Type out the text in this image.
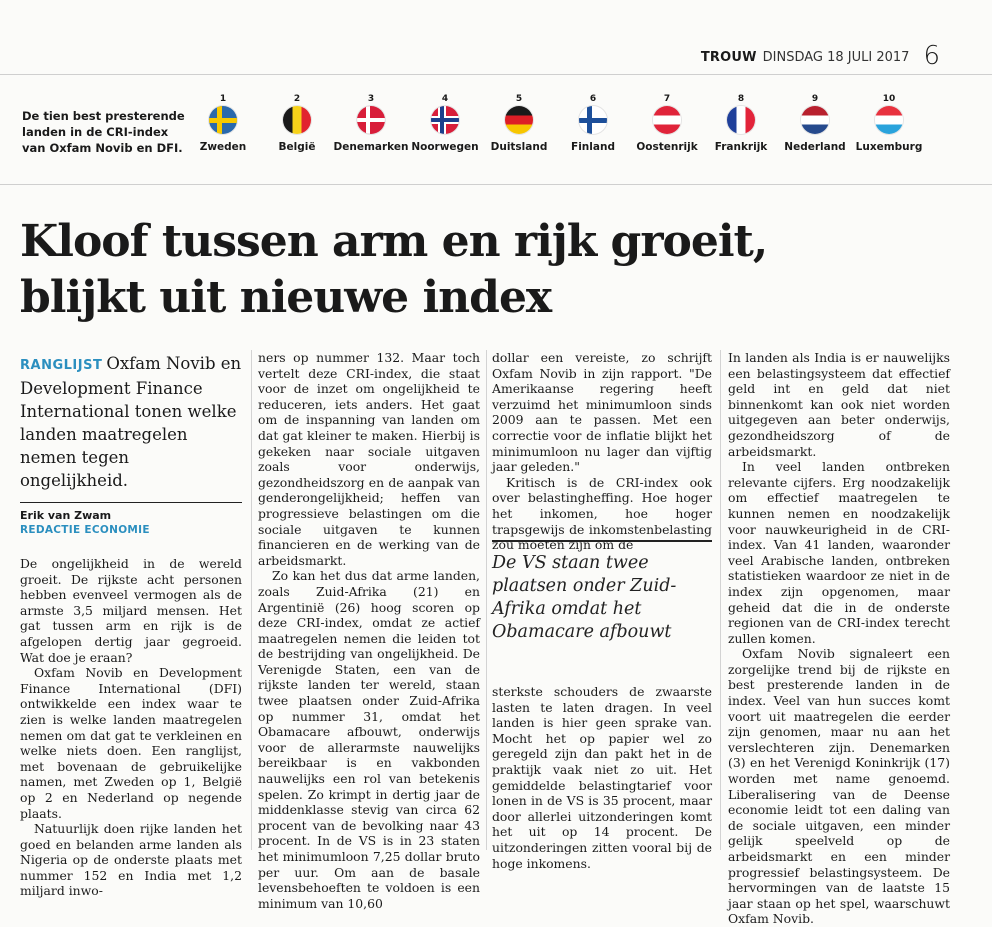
TROUW DINSDAG 18 JULI 2017 6
De tien best presterende landen in de CRI-index van Oxfam Novib en DFI.
1
Zweden
2
België
3
Denemarken
4
Noorwegen
5
Duitsland
6
Finland
7
Oostenrijk
8
Frankrijk
9
Nederland
10
Luxemburg
Kloof tussen arm en rijk groeit,
blijkt uit nieuwe index
RANGLIJST Oxfam Novib en Development Finance International tonen welke landen maatregelen nemen tegen ongelijkheid.
Erik van Zwam
REDACTIE ECONOMIE

De ongelijkheid in de wereld groeit. De rijkste acht personen hebben evenveel vermogen als de armste 3,5 miljard mensen. Het gat tussen arm en rijk is de afgelopen dertig jaar gegroeid. Wat doe je eraan?

Oxfam Novib en Development Finance International (DFI) ontwikkelde een index waar te zien is welke landen maatregelen nemen om dat gat te verkleinen en welke niets doen. Een ranglijst, met bovenaan de gebruikelijke namen, met Zweden op 1, België op 2 en Nederland op negende plaats.

Natuurlijk doen rijke landen het goed en belanden arme landen als Nigeria op de onderste plaats met nummer 152 en India met 1,2 miljard inwo-

ners op nummer 132. Maar toch vertelt deze CRI-index, die staat voor de inzet om ongelijkheid te reduceren, iets anders. Het gaat om de inspanning van landen om dat gat kleiner te maken. Hierbij is gekeken naar sociale uitgaven zoals voor onderwijs, gezondheidszorg en de aanpak van genderongelijkheid; heffen van progressieve belastingen om die sociale uitgaven te kunnen financieren en de werking van de arbeidsmarkt.

Zo kan het dus dat arme landen, zoals Zuid-Afrika (21) en Argentinië (26) hoog scoren op deze CRI-index, omdat ze actief maatregelen nemen die leiden tot de bestrijding van ongelijkheid. De Verenigde Staten, een van de rijkste landen ter wereld, staan twee plaatsen onder Zuid-Afrika op nummer 31, omdat het Obamacare afbouwt, onderwijs voor de allerarmste nauwelijks bereikbaar is en vakbonden nauwelijks een rol van betekenis spelen. Zo krimpt in dertig jaar de middenklasse stevig van circa 62 procent van de bevolking naar 43 procent. In de VS is in 23 staten het minimumloon 7,25 dollar bruto per uur. Om aan de basale levensbehoeften te voldoen is een minimum van 10,60

dollar een vereiste, zo schrijft Oxfam Novib in zijn rapport. "De Amerikaanse regering heeft verzuimd het minimumloon sinds 2009 aan te passen. Met een correctie voor de inflatie blijkt het minimumloon nu lager dan vijftig jaar geleden."

Kritisch is de CRI-index ook over belastingheffing. Hoe hoger het inkomen, hoe hoger trapsgewijs de inkomstenbelasting zou moeten zijn om de

De VS staan twee plaatsen onder Zuid-Afrika omdat het Obamacare afbouwt

sterkste schouders de zwaarste lasten te laten dragen. In veel landen is hier geen sprake van. Mocht het op papier wel zo geregeld zijn dan pakt het in de praktijk vaak niet zo uit. Het gemiddelde belastingtarief voor lonen in de VS is 35 procent, maar door allerlei uitzonderingen komt het uit op 14 procent. De uitzonderingen zitten vooral bij de hoge inkomens.

In landen als India is er nauwelijks een belastingsysteem dat effectief geld int en geld dat niet binnenkomt kan ook niet worden uitgegeven aan beter onderwijs, gezondheidszorg of de arbeidsmarkt.

In veel landen ontbreken relevante cijfers. Erg noodzakelijk om effectief maatregelen te kunnen nemen en noodzakelijk voor nauwkeurigheid in de CRI-index. Van 41 landen, waaronder veel Arabische landen, ontbreken statistieken waardoor ze niet in de index zijn opgenomen, maar geheid dat die in de onderste regionen van de CRI-index terecht zullen komen.

Oxfam Novib signaleert een zorgelijke trend bij de rijkste en best presterende landen in de index. Veel van hun succes komt voort uit maatregelen die eerder zijn genomen, maar nu aan het verslechteren zijn. Denemarken (3) en het Verenigd Koninkrijk (17) worden met name genoemd. Liberalisering van de Deense economie leidt tot een daling van de sociale uitgaven, een minder gelijk speelveld op de arbeidsmarkt en een minder progressief belastingsysteem. De hervormingen van de laatste 15 jaar staan op het spel, waarschuwt Oxfam Novib.
